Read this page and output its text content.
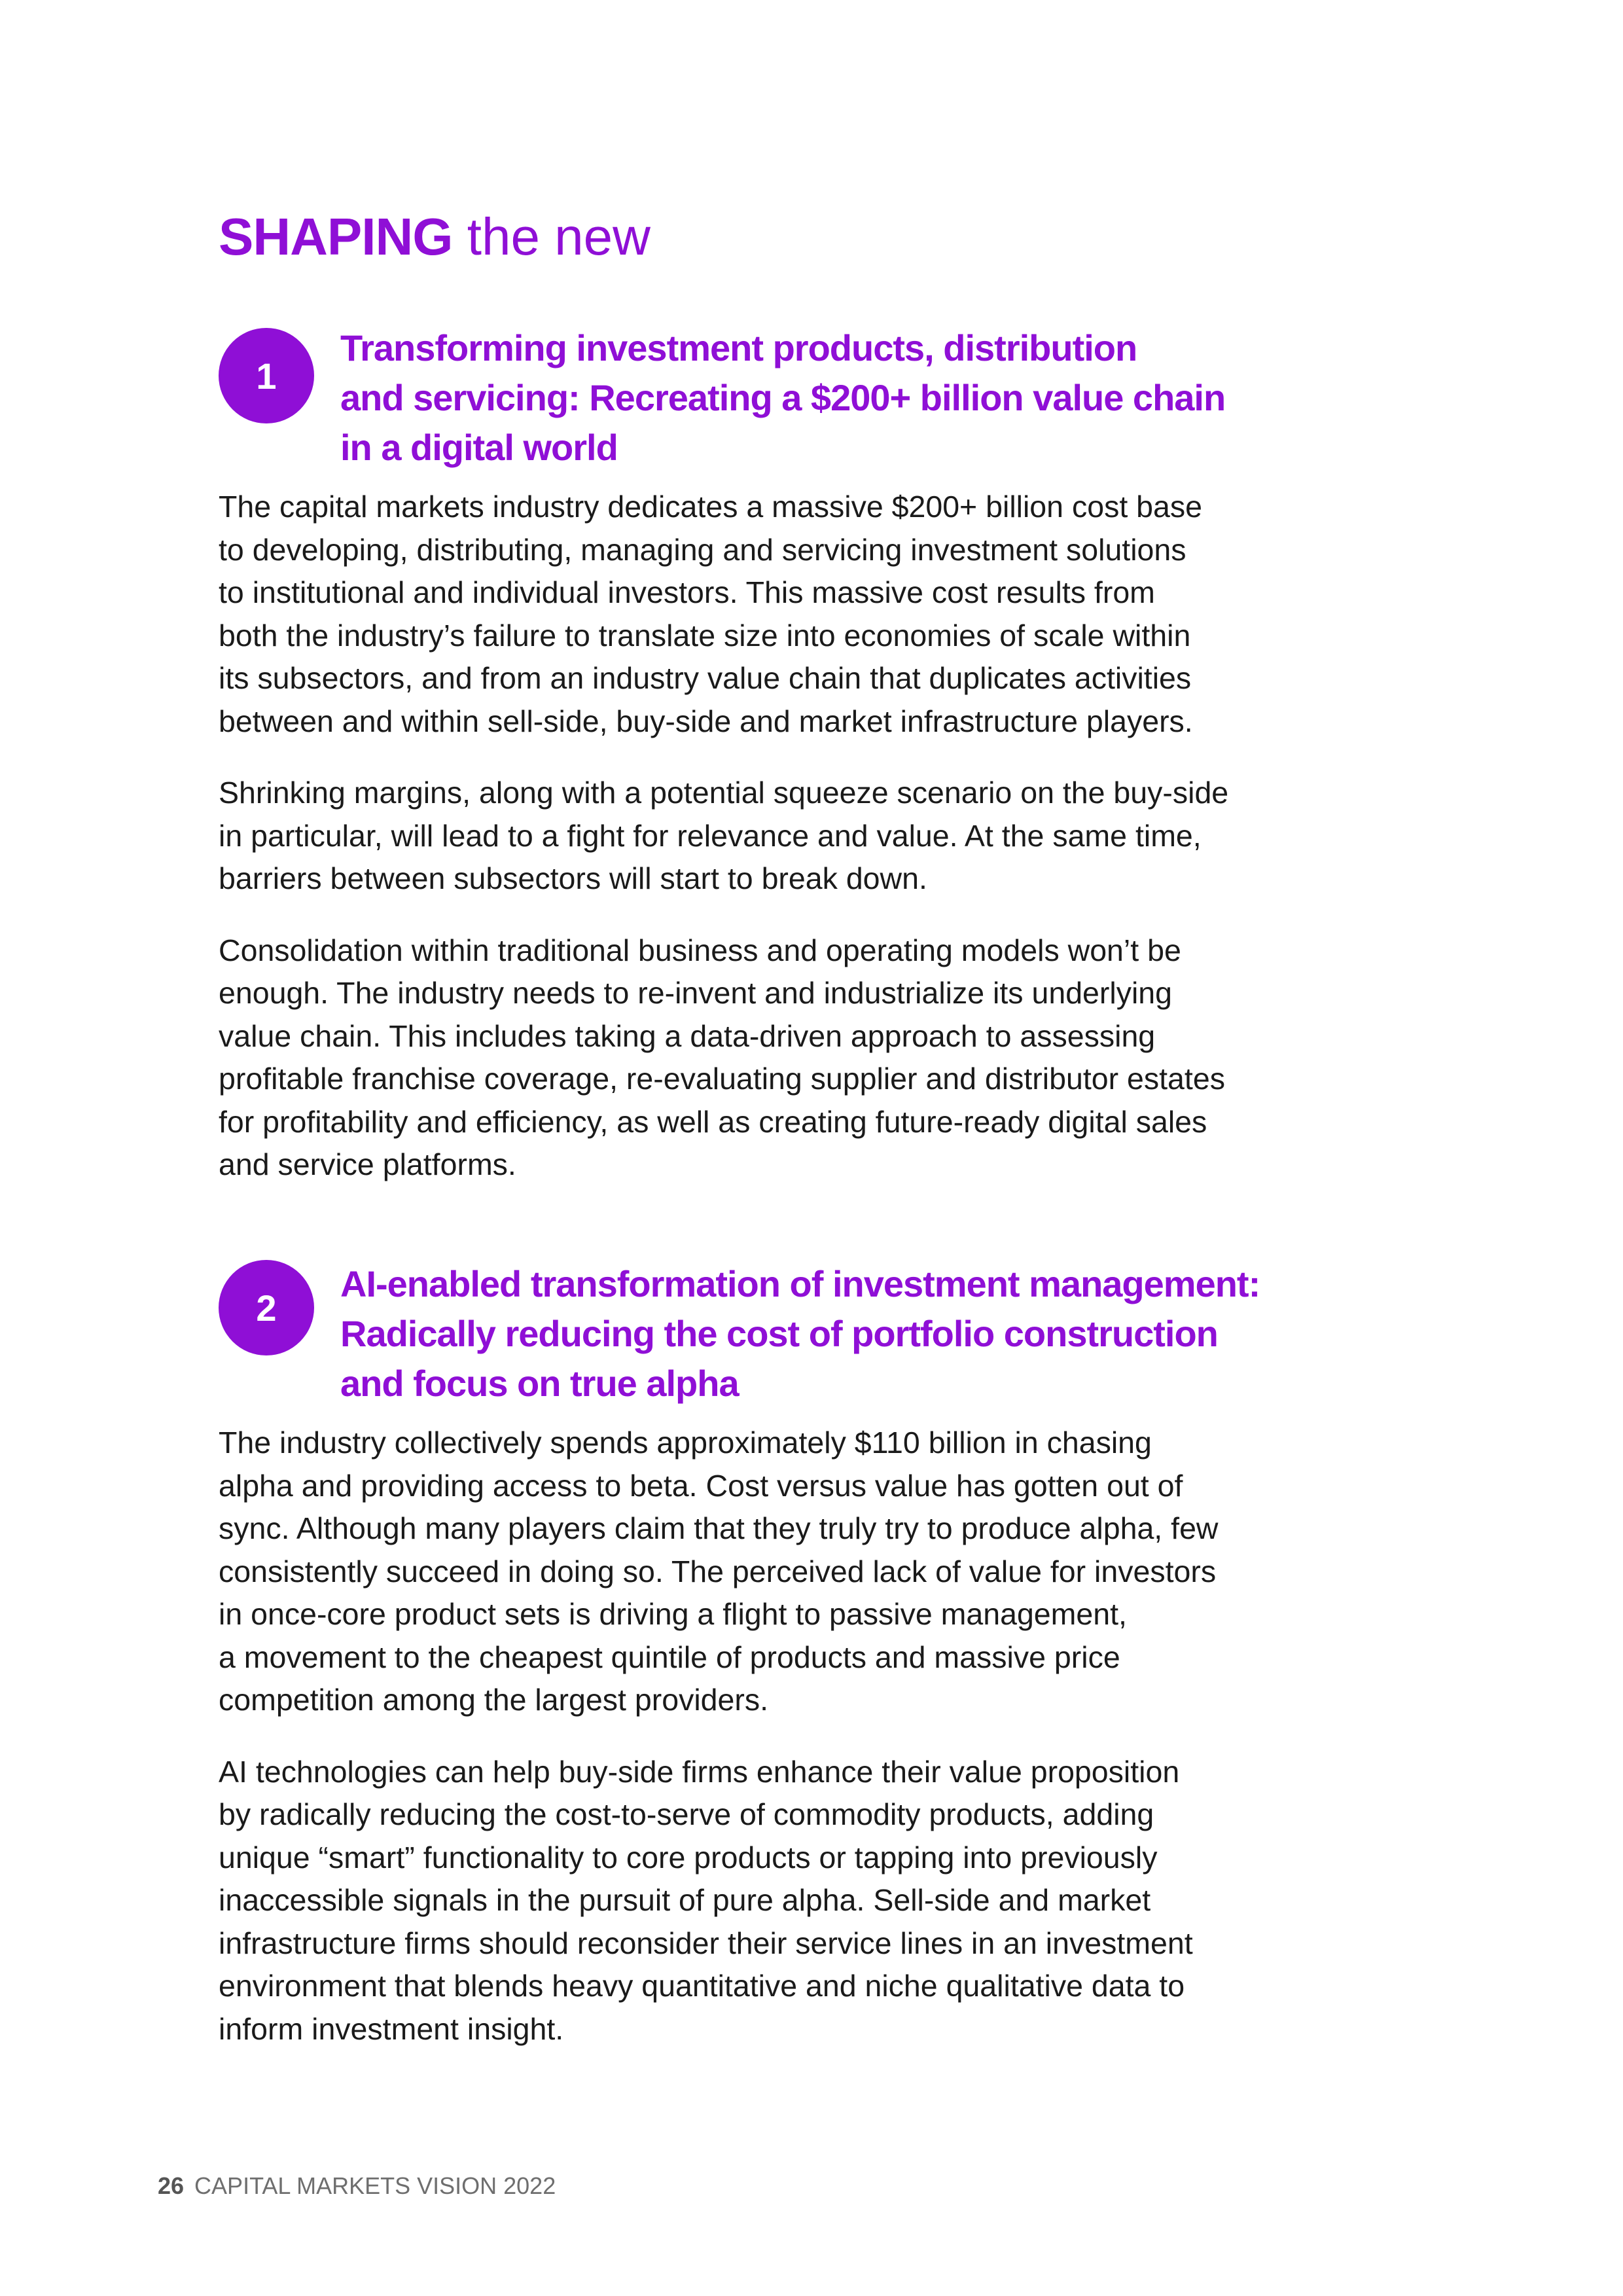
SHAPING the new
1
Transforming investment products, distribution
and servicing: Recreating a $200+ billion value chain
in a digital world

The capital markets industry dedicates a massive $200+ billion cost base
to developing, distributing, managing and servicing investment solutions
to institutional and individual investors. This massive cost results from
both the industry’s failure to translate size into economies of scale within
its subsectors, and from an industry value chain that duplicates activities
between and within sell-side, buy-side and market infrastructure players.

Shrinking margins, along with a potential squeeze scenario on the buy-side
in particular, will lead to a fight for relevance and value. At the same time,
barriers between subsectors will start to break down.

Consolidation within traditional business and operating models won’t be
enough. The industry needs to re-invent and industrialize its underlying
value chain. This includes taking a data-driven approach to assessing
profitable franchise coverage, re-evaluating supplier and distributor estates
for profitability and efficiency, as well as creating future-ready digital sales
and service platforms.

2
AI-enabled transformation of investment management:
Radically reducing the cost of portfolio construction
and focus on true alpha

The industry collectively spends approximately $110 billion in chasing
alpha and providing access to beta. Cost versus value has gotten out of
sync. Although many players claim that they truly try to produce alpha, few
consistently succeed in doing so. The perceived lack of value for investors
in once-core product sets is driving a flight to passive management,
a movement to the cheapest quintile of products and massive price
competition among the largest providers.

AI technologies can help buy-side firms enhance their value proposition
by radically reducing the cost-to-serve of commodity products, adding
unique “smart” functionality to core products or tapping into previously
inaccessible signals in the pursuit of pure alpha. Sell-side and market
infrastructure firms should reconsider their service lines in an investment
environment that blends heavy quantitative and niche qualitative data to
inform investment insight.

26 CAPITAL MARKETS VISION 2022
